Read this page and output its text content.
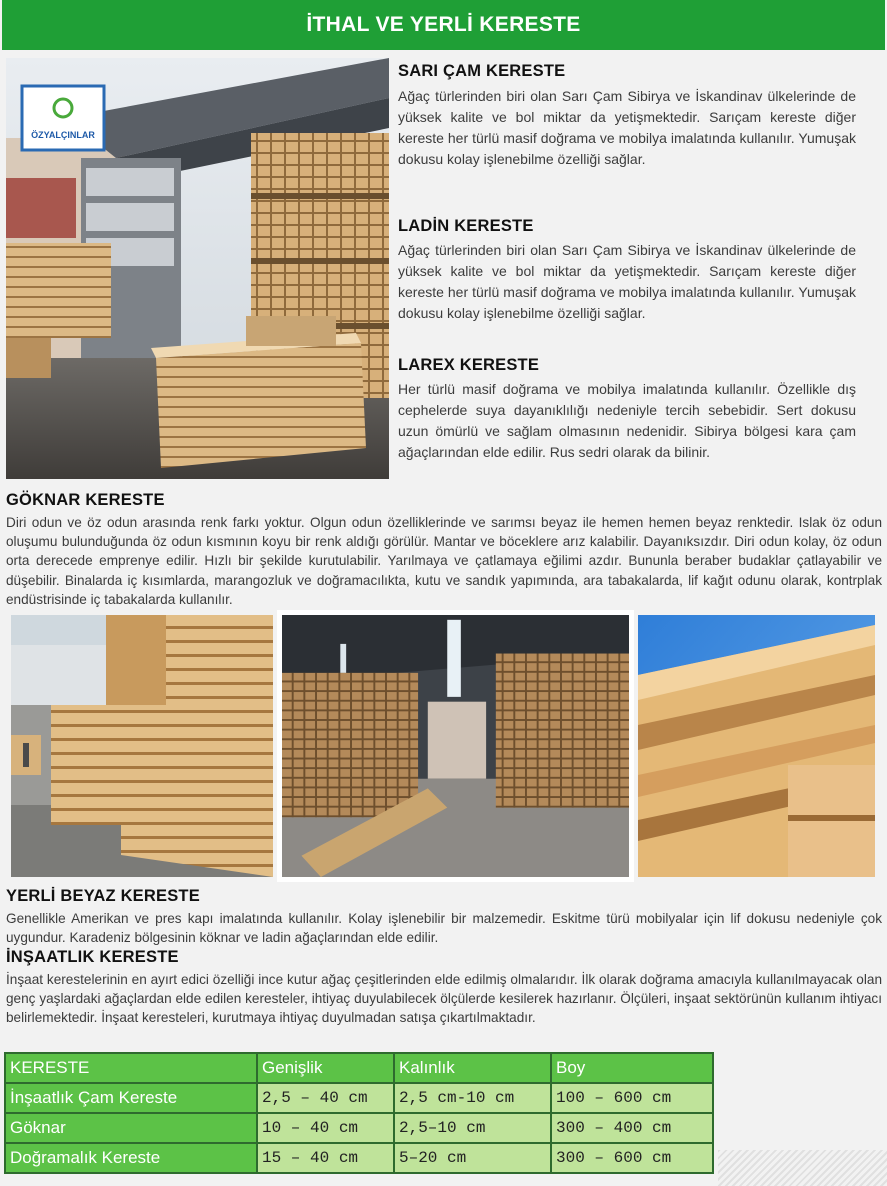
İTHAL VE YERLİ KERESTE
ÖZYALÇINLAR
SARI ÇAM KERESTE

Ağaç türlerinden biri olan Sarı Çam Sibirya ve İskandinav ülkelerinde de yüksek kalite ve bol miktar da yetişmektedir. Sarıçam kereste diğer kereste her türlü masif doğrama ve mobilya imalatında kullanılır. Yumuşak dokusu kolay işlenebilme özelliği sağlar.

LADİN KERESTE

Ağaç türlerinden biri olan Sarı Çam Sibirya ve İskandinav ülkelerinde de yüksek kalite ve bol miktar da yetişmektedir. Sarıçam kereste diğer kereste her türlü masif doğrama ve mobilya imalatında kullanılır. Yumuşak dokusu kolay işlenebilme özelliği sağlar.

LAREX KERESTE

Her türlü masif doğrama ve mobilya imalatında kullanılır. Özellikle dış cephelerde suya dayanıklılığı nedeniyle tercih sebebidir. Sert dokusu uzun ömürlü ve sağlam olmasının nedenidir. Sibirya bölgesi kara çam ağaçlarından elde edilir. Rus sedri olarak da bilinir.

GÖKNAR KERESTE

Diri odun ve öz odun arasında renk farkı yoktur. Olgun odun özelliklerinde ve sarımsı beyaz ile hemen hemen beyaz renktedir. Islak öz odun oluşumu bulunduğunda öz odun kısmının koyu bir renk aldığı görülür. Mantar ve böceklere arız kalabilir. Dayanıksızdır. Diri odun kolay, öz odun orta derecede emprenye edilir. Hızlı bir şekilde kurutulabilir. Yarılmaya ve çatlamaya eğilimi azdır. Bununla beraber budaklar çatlayabilir ve düşebilir. Binalarda iç kısımlarda, marangozluk ve doğramacılıkta, kutu ve sandık yapımında, ara tabakalarda, lif kağıt odunu olarak, kontrplak endüstrisinde iç tabakalarda kullanılır.

YERLİ BEYAZ KERESTE

Genellikle Amerikan ve pres kapı imalatında kullanılır. Kolay işlenebilir bir malzemedir. Eskitme türü mobilyalar için lif dokusu nedeniyle çok uygundur. Karadeniz bölgesinin köknar ve ladin ağaçlarından elde edilir.

İNŞAATLIK KERESTE

İnşaat kerestelerinin en ayırt edici özelliği ince kutur ağaç çeşitlerinden elde edilmiş olmalarıdır. İlk olarak doğrama amacıyla kullanılmayacak olan genç yaşlardaki ağaçlardan elde edilen keresteler, ihtiyaç duyulabilecek ölçülerde kesilerek hazırlanır. Ölçüleri, inşaat sektörünün kullanım ihtiyacı belirlemektedir. İnşaat keresteleri, kurutmaya ihtiyaç duyulmadan satışa çıkartılmaktadır.

KERESTE	Genişlik	Kalınlık	Boy
İnşaatlık Çam Kereste	2,5 – 40 cm	2,5 cm-10 cm	100 – 600 cm
Göknar	10 – 40 cm	2,5–10 cm	300 – 400 cm
Doğramalık Kereste	15 – 40 cm	5–20 cm	300 – 600 cm
